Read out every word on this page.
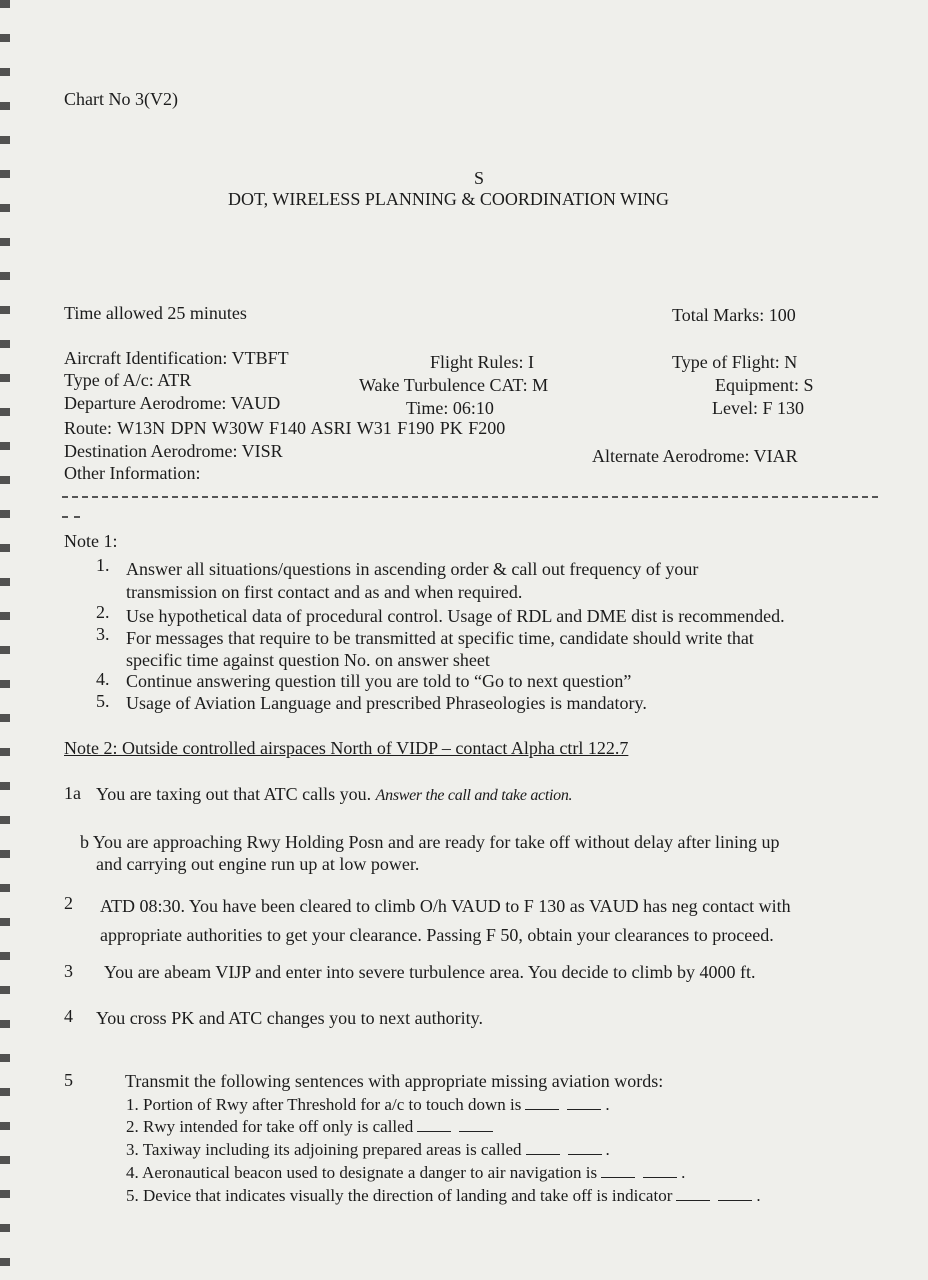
Chart No 3(V2)
S
DOT, WIRELESS PLANNING & COORDINATION WING
Time allowed 25 minutes	Total Marks: 100
Aircraft Identification: VTBFT	Flight Rules: I	Type of Flight: N
Type of A/c: ATR	Wake Turbulence CAT: M	Equipment: S
Departure Aerodrome: VAUD	Time: 06:10	Level: F 130
Route: W13N DPN W30W F140 ASRI W31 F190 PK F200
Destination Aerodrome: VISR	Alternate Aerodrome: VIAR
Other Information:
Note 1:
1. Answer all situations/questions in ascending order & call out frequency of your
transmission on first contact and as and when required.
2. Use hypothetical data of procedural control. Usage of RDL and DME dist is recommended.
3. For messages that require to be transmitted at specific time, candidate should write that
specific time against question No. on answer sheet
4. Continue answering question till you are told to “Go to next question”
5. Usage of Aviation Language and prescribed Phraseologies is mandatory.
Note 2: Outside controlled airspaces North of VIDP – contact Alpha ctrl 122.7
1a You are taxing out that ATC calls you. Answer the call and take action.
b You are approaching Rwy Holding Posn and are ready for take off without delay after lining up
and carrying out engine run up at low power.
2 ATD 08:30. You have been cleared to climb O/h VAUD to F 130 as VAUD has neg contact with
appropriate authorities to get your clearance. Passing F 50, obtain your clearances to proceed.
3 You are abeam VIJP and enter into severe turbulence area. You decide to climb by 4000 ft.
4 You cross PK and ATC changes you to next authority.
5	Transmit the following sentences with appropriate missing aviation words:
1. Portion of Rwy after Threshold for a/c to touch down is	.
2. Rwy intended for take off only is called
3. Taxiway including its adjoining prepared areas is called	.
4. Aeronautical beacon used to designate a danger to air navigation is	.
5. Device that indicates visually the direction of landing and take off is indicator	.
